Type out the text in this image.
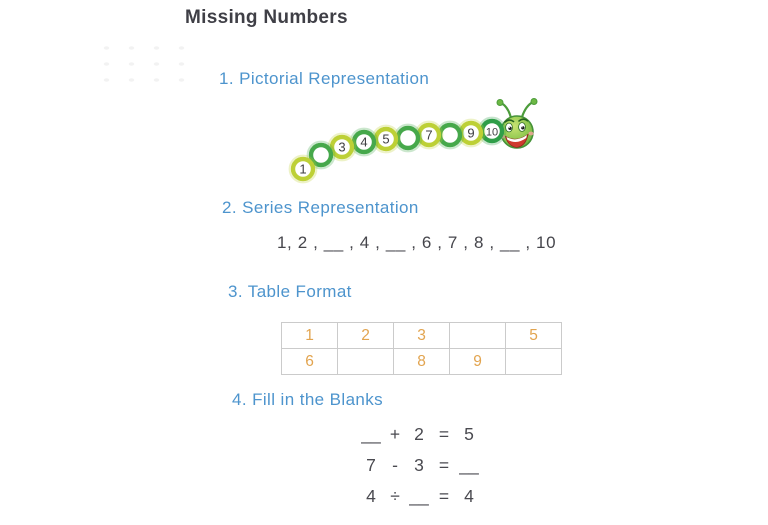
Missing Numbers
1. Pictorial Representation
10
9
7
5
4
3
1
2. Series Representation
1, 2 , __ , 4 , __ , 6 , 7 , 8 , __ , 10
3. Table Format
1	2	3		5
6		8	9	
4. Fill in the Blanks
__ + 2 = 5
7 - 3 = __
4 ÷ __ = 4
